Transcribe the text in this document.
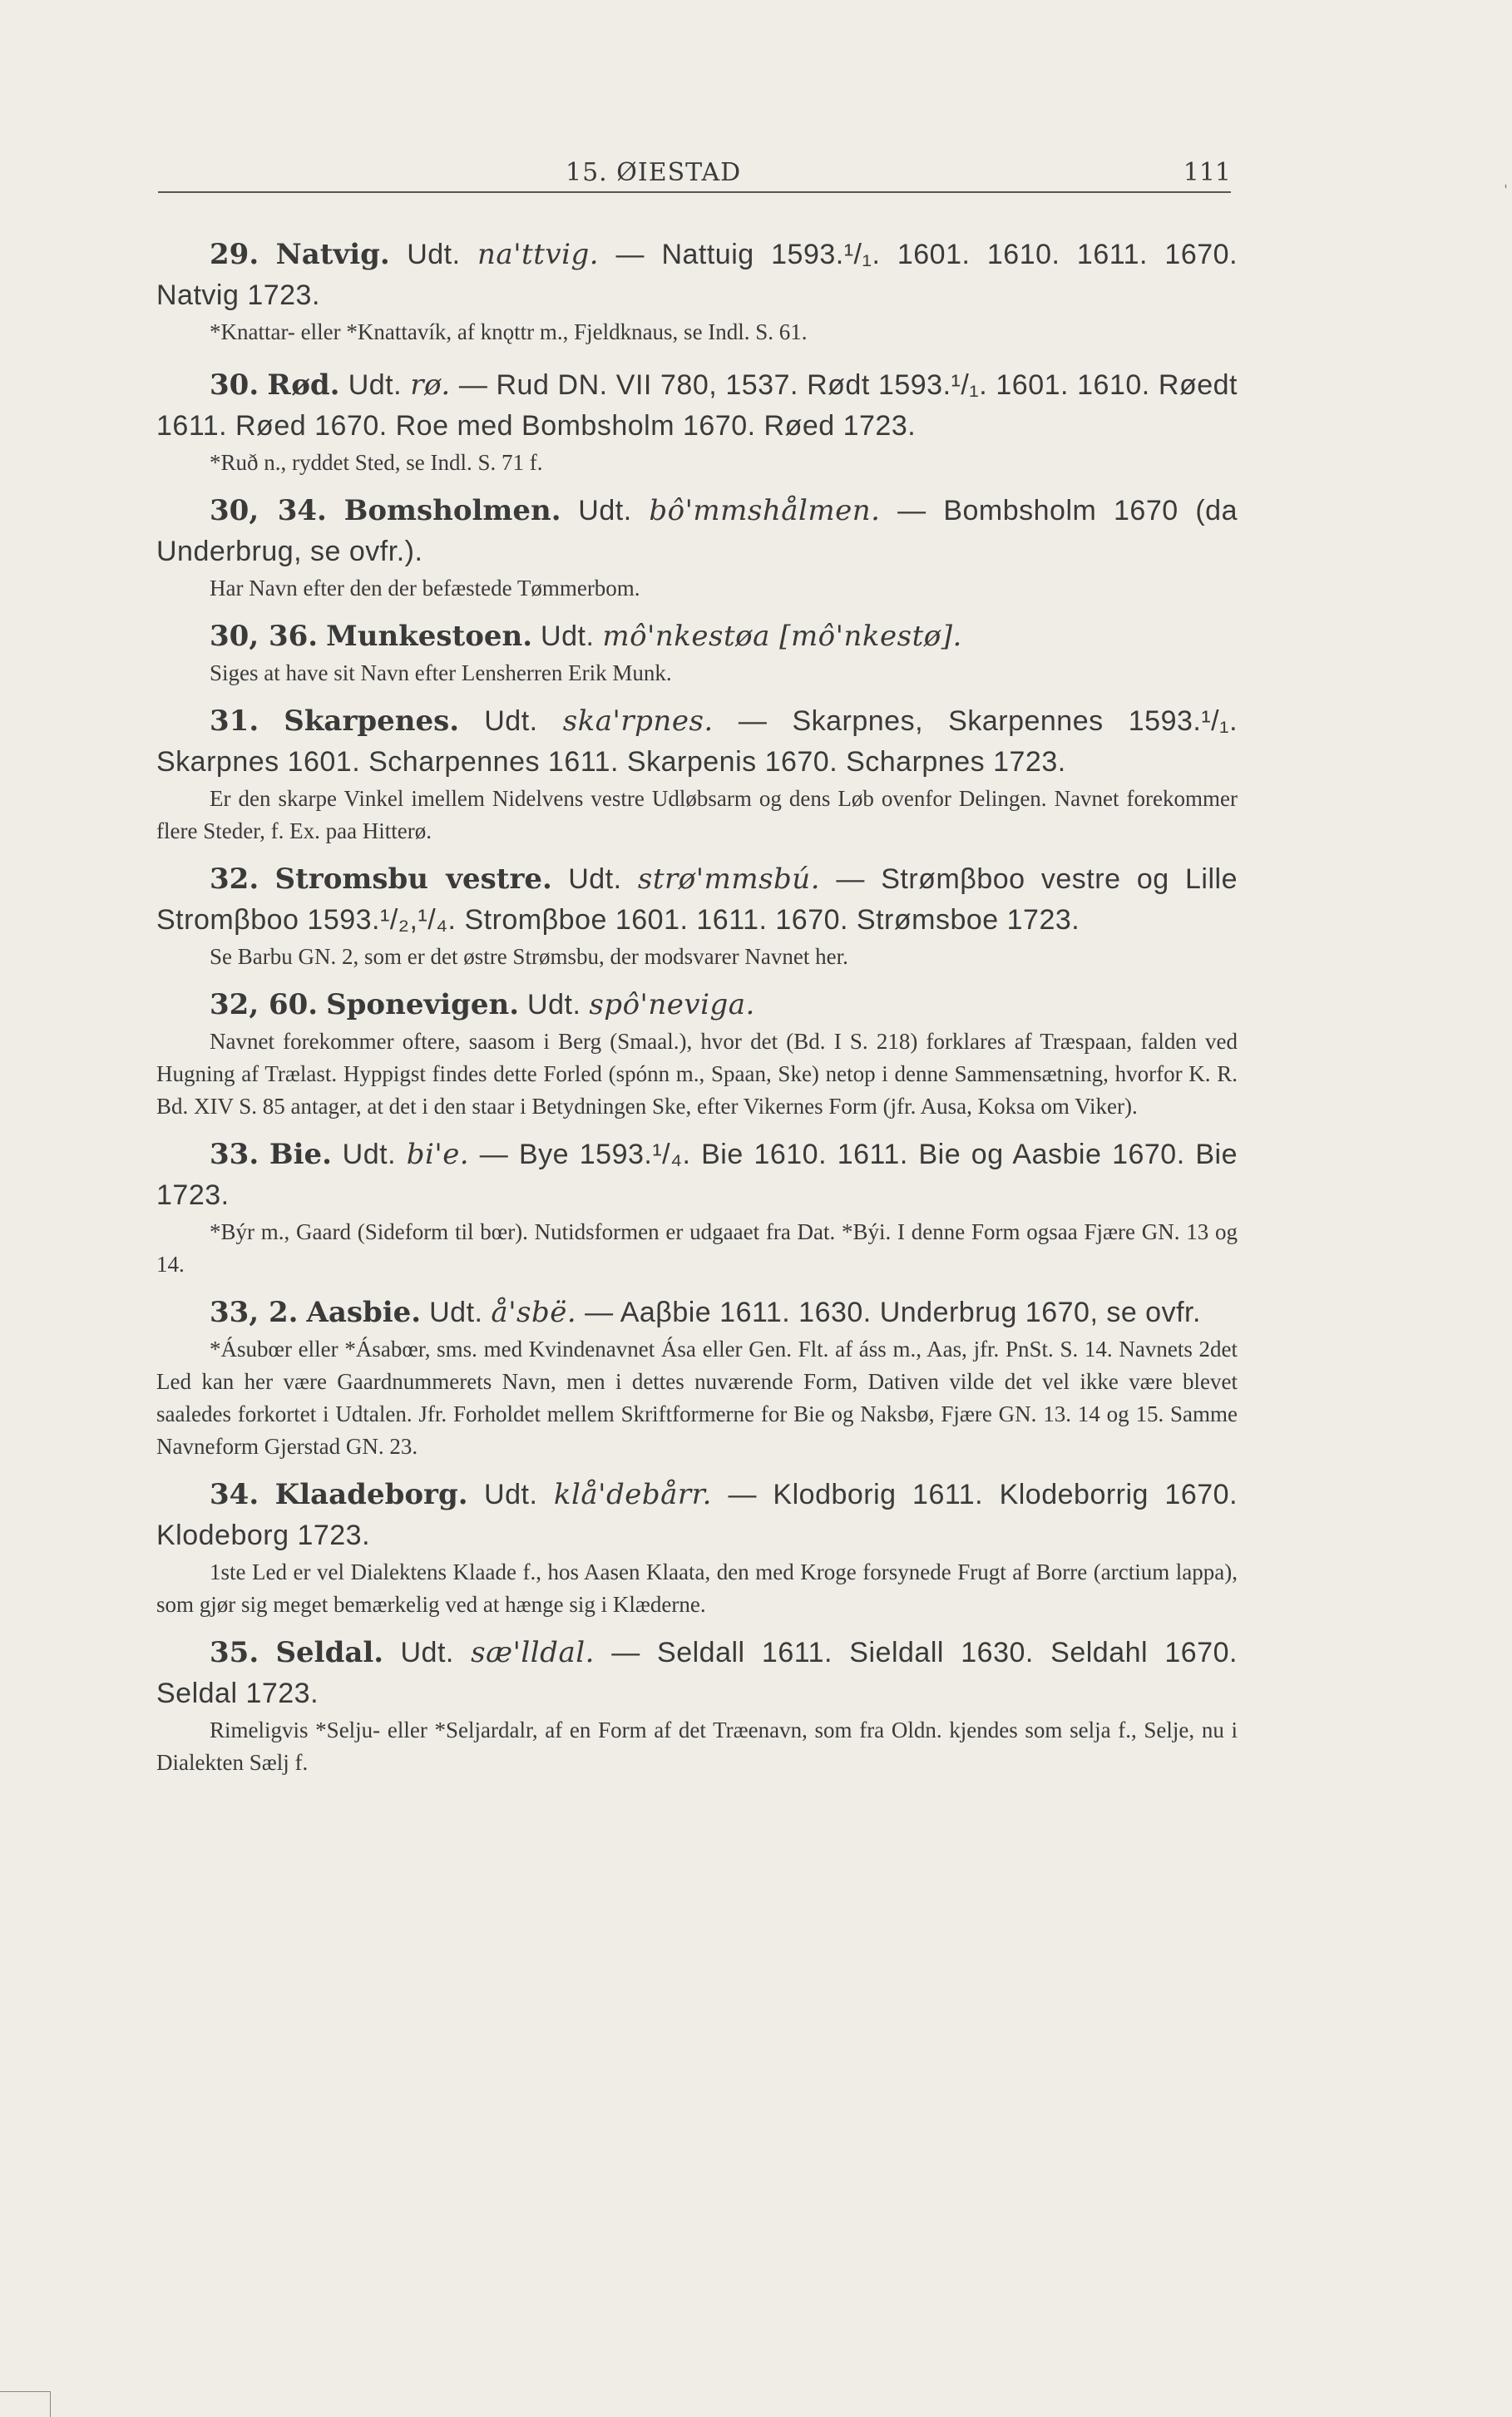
15. ØIESTAD	111	ˌ

29. Natvig. Udt. na'ttvig. — Nattuig 1593.¹/₁. 1601. 1610. 1611. 1670. Natvig 1723.

*Knattar- eller *Knattavík, af knǫttr m., Fjeldknaus, se Indl. S. 61.

30. Rød. Udt. rø. — Rud DN. VII 780, 1537. Rødt 1593.¹/₁. 1601. 1610. Røedt 1611. Røed 1670. Roe med Bombsholm 1670. Røed 1723.

*Ruð n., ryddet Sted, se Indl. S. 71 f.

30, 34. Bomsholmen. Udt. bô'mmshålmen. — Bombsholm 1670 (da Underbrug, se ovfr.).

Har Navn efter den der befæstede Tømmerbom.

30, 36. Munkestoen. Udt. mô'nkestøa [mô'nkestø].

Siges at have sit Navn efter Lensherren Erik Munk.

31. Skarpenes. Udt. ska'rpnes. — Skarpnes, Skarpennes 1593.¹/₁. Skarpnes 1601. Scharpennes 1611. Skarpenis 1670. Scharpnes 1723.

Er den skarpe Vinkel imellem Nidelvens vestre Udløbsarm og dens Løb ovenfor Delingen. Navnet forekommer flere Steder, f. Ex. paa Hitterø.

32. Stromsbu vestre. Udt. strø'mmsbú. — Strømβboo vestre og Lille Stromβboo 1593.¹/₂,¹/₄. Stromβboe 1601. 1611. 1670. Strømsboe 1723.

Se Barbu GN. 2, som er det østre Strømsbu, der modsvarer Navnet her.

32, 60. Sponevigen. Udt. spô'neviga.

Navnet forekommer oftere, saasom i Berg (Smaal.), hvor det (Bd. I S. 218) forklares af Træspaan, falden ved Hugning af Trælast. Hyppigst findes dette Forled (spónn m., Spaan, Ske) netop i denne Sammensætning, hvorfor K. R. Bd. XIV S. 85 antager, at det i den staar i Betydningen Ske, efter Vikernes Form (jfr. Ausa, Koksa om Viker).

33. Bie. Udt. bi'e. — Bye 1593.¹/₄. Bie 1610. 1611. Bie og Aasbie 1670. Bie 1723.

*Býr m., Gaard (Sideform til bœr). Nutidsformen er udgaaet fra Dat. *Býi. I denne Form ogsaa Fjære GN. 13 og 14.

33, 2. Aasbie. Udt. å'sbë. — Aaβbie 1611. 1630. Underbrug 1670, se ovfr.

*Ásubœr eller *Ásabœr, sms. med Kvindenavnet Ása eller Gen. Flt. af áss m., Aas, jfr. PnSt. S. 14. Navnets 2det Led kan her være Gaardnummerets Navn, men i dettes nuværende Form, Dativen vilde det vel ikke være blevet saaledes forkortet i Udtalen. Jfr. Forholdet mellem Skriftformerne for Bie og Naksbø, Fjære GN. 13. 14 og 15. Samme Navneform Gjerstad GN. 23.

34. Klaadeborg. Udt. klå'debårr. — Klodborig 1611. Klodeborrig 1670. Klodeborg 1723.

1ste Led er vel Dialektens Klaade f., hos Aasen Klaata, den med Kroge forsynede Frugt af Borre (arctium lappa), som gjør sig meget bemærkelig ved at hænge sig i Klæderne.

35. Seldal. Udt. sæ'lldal. — Seldall 1611. Sieldall 1630. Seldahl 1670. Seldal 1723.

Rimeligvis *Selju- eller *Seljardalr, af en Form af det Træenavn, som fra Oldn. kjendes som selja f., Selje, nu i Dialekten Sælj f.
